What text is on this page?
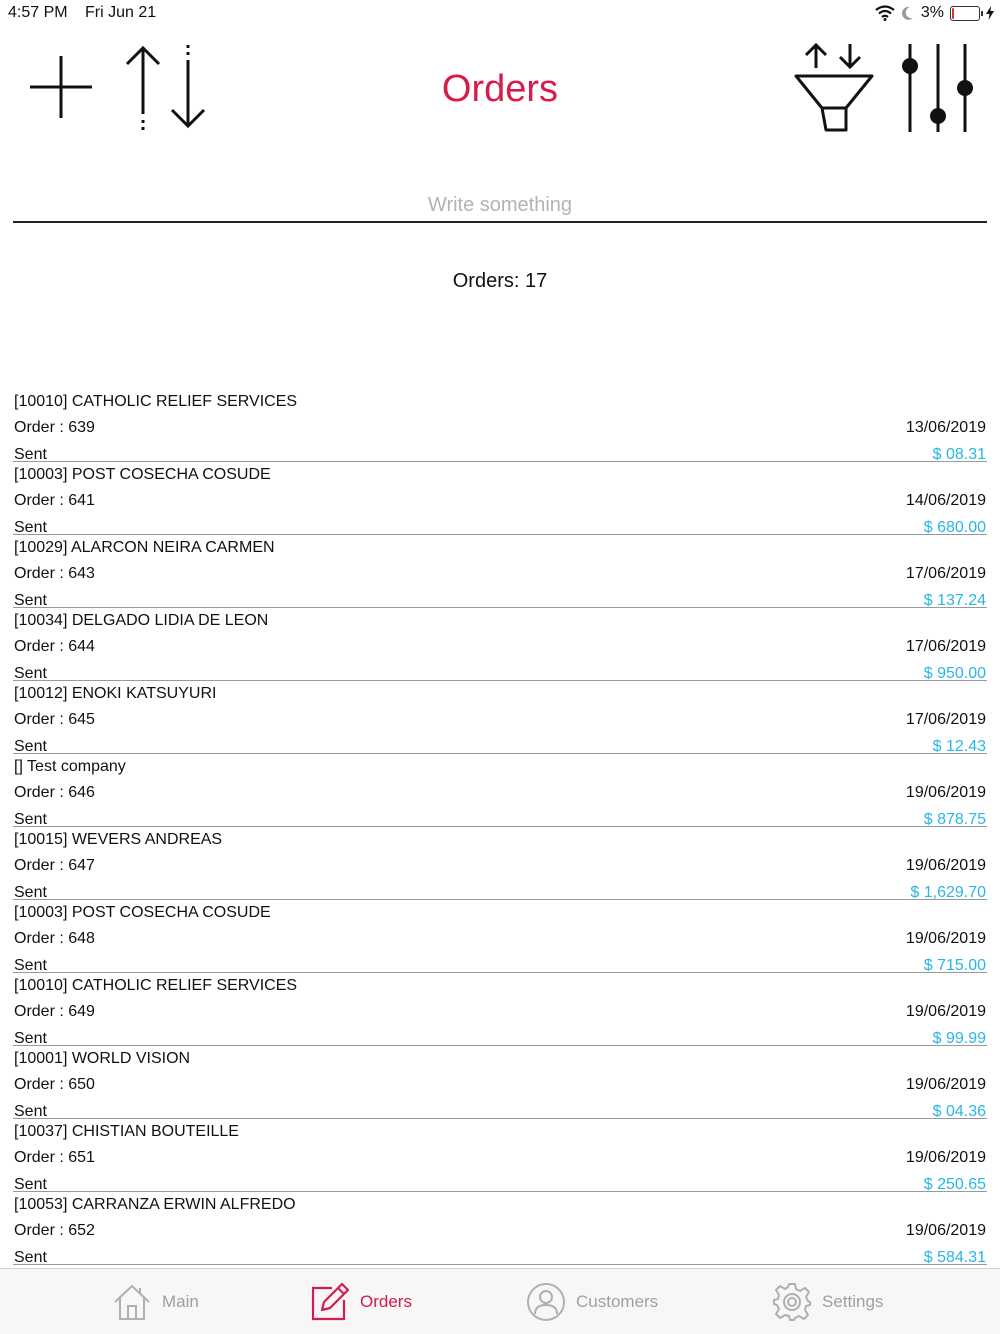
4:57 PM Fri Jun 21	3%
Orders
Write something
Orders: 17
[10010] CATHOLIC RELIEF SERVICES
Order : 639	13/06/2019
Sent	$ 08.31
[10003] POST COSECHA COSUDE
Order : 641	14/06/2019
Sent	$ 680.00
[10029] ALARCON NEIRA CARMEN
Order : 643	17/06/2019
Sent	$ 137.24
[10034] DELGADO LIDIA DE LEON
Order : 644	17/06/2019
Sent	$ 950.00
[10012] ENOKI KATSUYURI
Order : 645	17/06/2019
Sent	$ 12.43
[] Test company
Order : 646	19/06/2019
Sent	$ 878.75
[10015] WEVERS ANDREAS
Order : 647	19/06/2019
Sent	$ 1,629.70
[10003] POST COSECHA COSUDE
Order : 648	19/06/2019
Sent	$ 715.00
[10010] CATHOLIC RELIEF SERVICES
Order : 649	19/06/2019
Sent	$ 99.99
[10001] WORLD VISION
Order : 650	19/06/2019
Sent	$ 04.36
[10037] CHISTIAN BOUTEILLE
Order : 651	19/06/2019
Sent	$ 250.65
[10053] CARRANZA ERWIN ALFREDO
Order : 652	19/06/2019
Sent	$ 584.31
Main	Orders	Customers	Settings
